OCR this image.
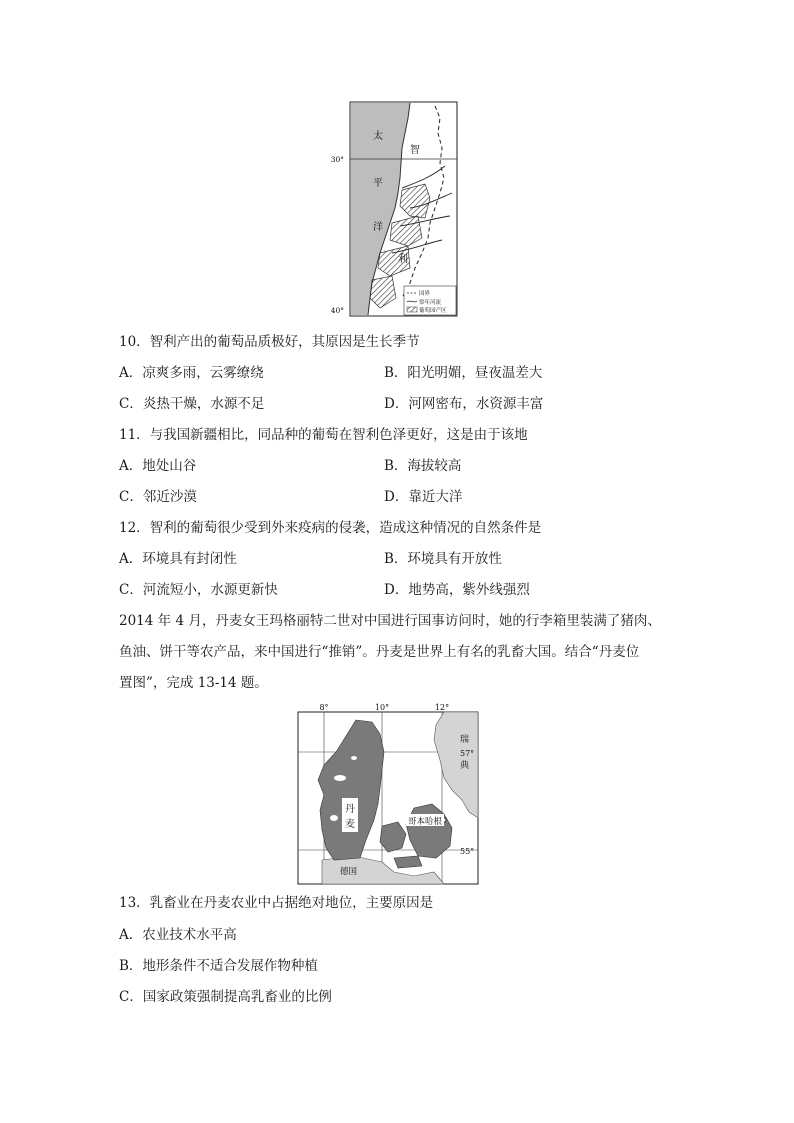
30°
40°
太
平
洋
智
利
国界
常年河流
葡萄园产区
10．智利产出的葡萄品质极好，其原因是生长季节
A．凉爽多雨，云雾缭绕	B．阳光明媚，昼夜温差大
C．炎热干燥，水源不足	D．河网密布，水资源丰富
11．与我国新疆相比，同品种的葡萄在智利色泽更好，这是由于该地
A．地处山谷	B．海拔较高
C．邻近沙漠	D．靠近大洋
12．智利的葡萄很少受到外来疫病的侵袭，造成这种情况的自然条件是
A．环境具有封闭性	B．环境具有开放性
C．河流短小，水源更新快	D．地势高，紫外线强烈
2014 年 4 月，丹麦女王玛格丽特二世对中国进行国事访问时，她的行李箱里装满了猪肉、
鱼油、饼干等农产品，来中国进行“推销”。丹麦是世界上有名的乳畜大国。结合“丹麦位
置图”，完成 13-14 题。
8°	10°	12°
57°
55°
瑞
典
丹
麦	哥本哈根
德国
13．乳畜业在丹麦农业中占据绝对地位，主要原因是
A．农业技术水平高
B．地形条件不适合发展作物种植
C．国家政策强制提高乳畜业的比例
